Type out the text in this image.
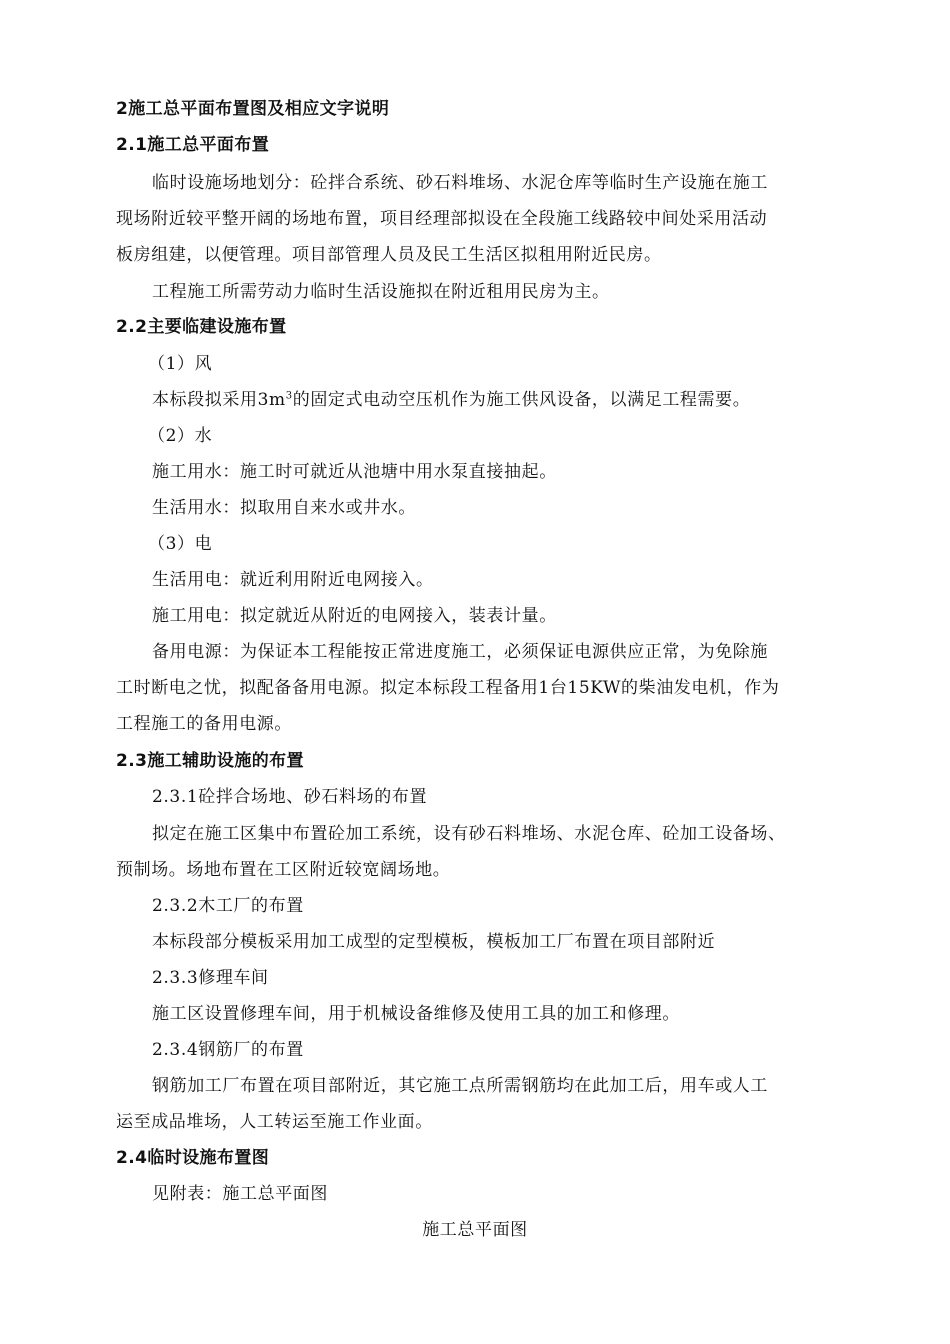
2施工总平面布置图及相应文字说明
2.1施工总平面布置
临时设施场地划分：砼拌合系统、砂石料堆场、水泥仓库等临时生产设施在施工
现场附近较平整开阔的场地布置，项目经理部拟设在全段施工线路较中间处采用活动
板房组建，以便管理。项目部管理人员及民工生活区拟租用附近民房。
工程施工所需劳动力临时生活设施拟在附近租用民房为主。
2.2主要临建设施布置
（1）风
本标段拟采用$3m^3$的固定式电动空压机作为施工供风设备，以满足工程需要。
（2）水
施工用水：施工时可就近从池塘中用水泵直接抽起。
生活用水：拟取用自来水或井水。
（3）电
生活用电：就近利用附近电网接入。
施工用电：拟定就近从附近的电网接入，装表计量。
备用电源：为保证本工程能按正常进度施工，必须保证电源供应正常，为免除施
工时断电之忧，拟配备备用电源。拟定本标段工程备用1台15KW的柴油发电机，作为
工程施工的备用电源。
2.3施工辅助设施的布置
2.3.1砼拌合场地、砂石料场的布置
拟定在施工区集中布置砼加工系统，设有砂石料堆场、水泥仓库、砼加工设备场、
预制场。场地布置在工区附近较宽阔场地。
2.3.2木工厂的布置
本标段部分模板采用加工成型的定型模板，模板加工厂布置在项目部附近
2.3.3修理车间
施工区设置修理车间，用于机械设备维修及使用工具的加工和修理。
2.3.4钢筋厂的布置
钢筋加工厂布置在项目部附近，其它施工点所需钢筋均在此加工后，用车或人工
运至成品堆场，人工转运至施工作业面。
2.4临时设施布置图
见附表：施工总平面图
施工总平面图
